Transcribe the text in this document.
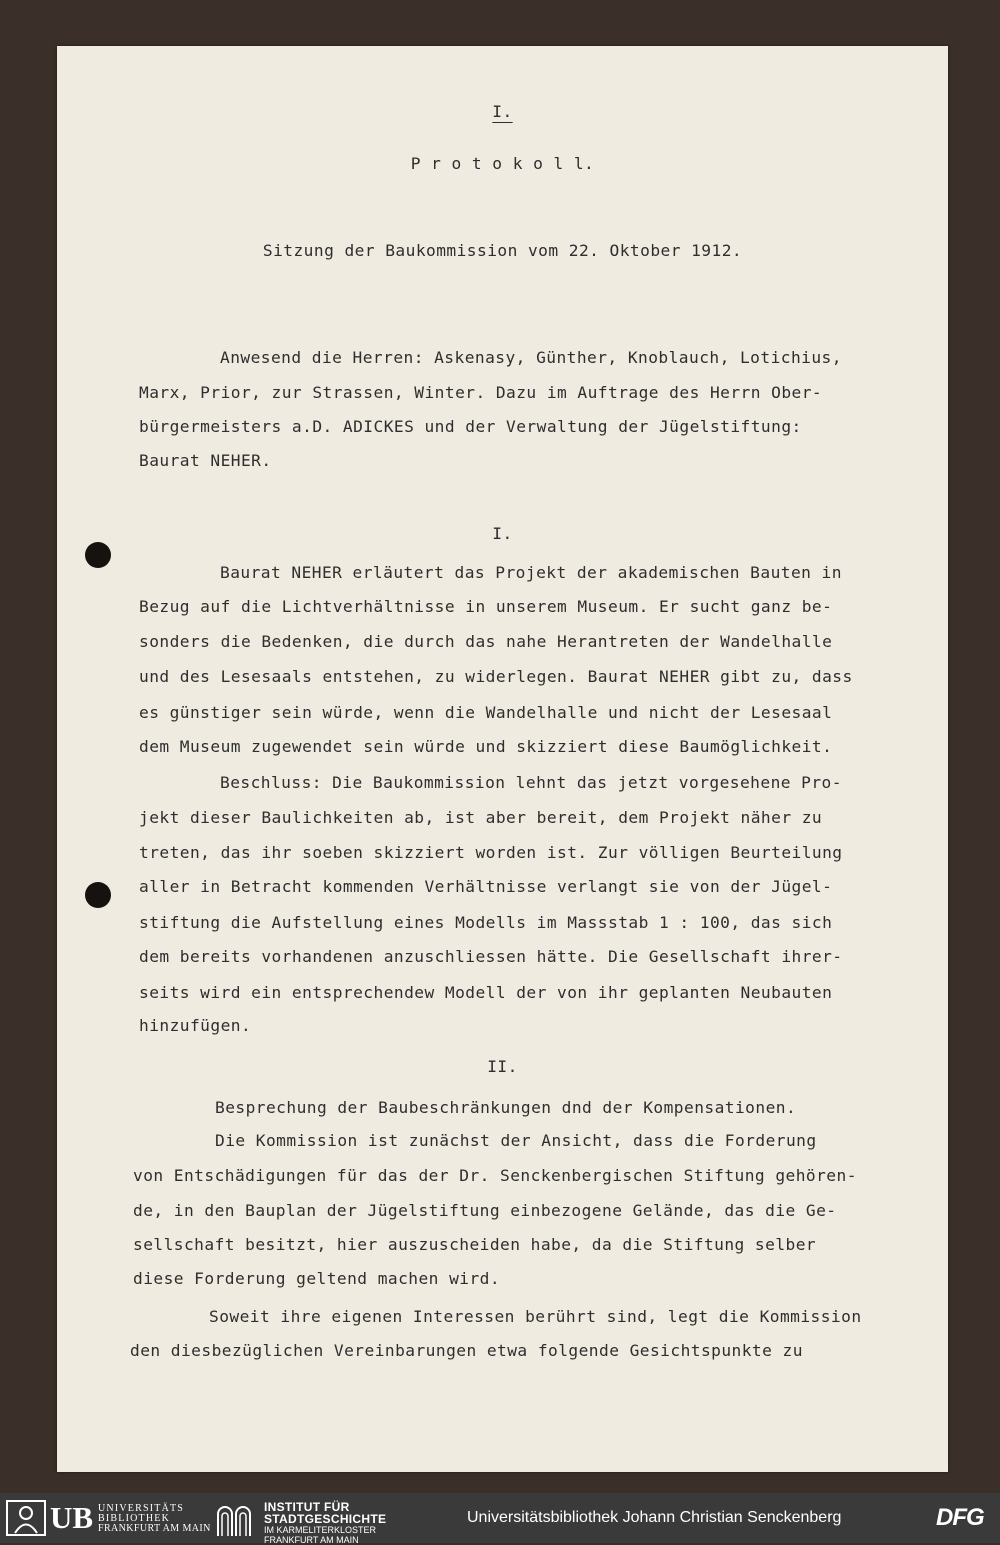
I.
P r o t o k o l l.
Sitzung der Baukommission vom 22. Oktober 1912.
Anwesend die Herren: Askenasy, Günther, Knoblauch, Lotichius,
Marx, Prior, zur Strassen, Winter. Dazu im Auftrage des Herrn Ober-
bürgermeisters a.D. ADICKES und der Verwaltung der Jügelstiftung:
Baurat NEHER.
I.
Baurat NEHER erläutert das Projekt der akademischen Bauten in
Bezug auf die Lichtverhältnisse in unserem Museum. Er sucht ganz be-
sonders die Bedenken, die durch das nahe Herantreten der Wandelhalle
und des Lesesaals entstehen, zu widerlegen. Baurat NEHER gibt zu, dass
es günstiger sein würde, wenn die Wandelhalle und nicht der Lesesaal
dem Museum zugewendet sein würde und skizziert diese Baumöglichkeit.
Beschluss: Die Baukommission lehnt das jetzt vorgesehene Pro-
jekt dieser Baulichkeiten ab, ist aber bereit, dem Projekt näher zu
treten, das ihr soeben skizziert worden ist. Zur völligen Beurteilung
aller in Betracht kommenden Verhältnisse verlangt sie von der Jügel-
stiftung die Aufstellung eines Modells im Massstab 1 : 100, das sich
dem bereits vorhandenen anzuschliessen hätte. Die Gesellschaft ihrer-
seits wird ein entsprechendew Modell der von ihr geplanten Neubauten
hinzufügen.
II.
Besprechung der Baubeschränkungen dnd der Kompensationen.
Die Kommission ist zunächst der Ansicht, dass die Forderung
von Entschädigungen für das der Dr. Senckenbergischen Stiftung gehören-
de, in den Bauplan der Jügelstiftung einbezogene Gelände, das die Ge-
sellschaft besitzt, hier auszuscheiden habe, da die Stiftung selber
diese Forderung geltend machen wird.
Soweit ihre eigenen Interessen berührt sind, legt die Kommission
den diesbezüglichen Vereinbarungen etwa folgende Gesichtspunkte zu
UB UNIVERSITÄTS
BIBLIOTHEK
FRANKFURT AM MAIN
INSTITUT FÜR
STADTGESCHICHTE
IM KARMELITERKLOSTER
FRANKFURT AM MAIN
Universitätsbibliothek Johann Christian Senckenberg	DFG
